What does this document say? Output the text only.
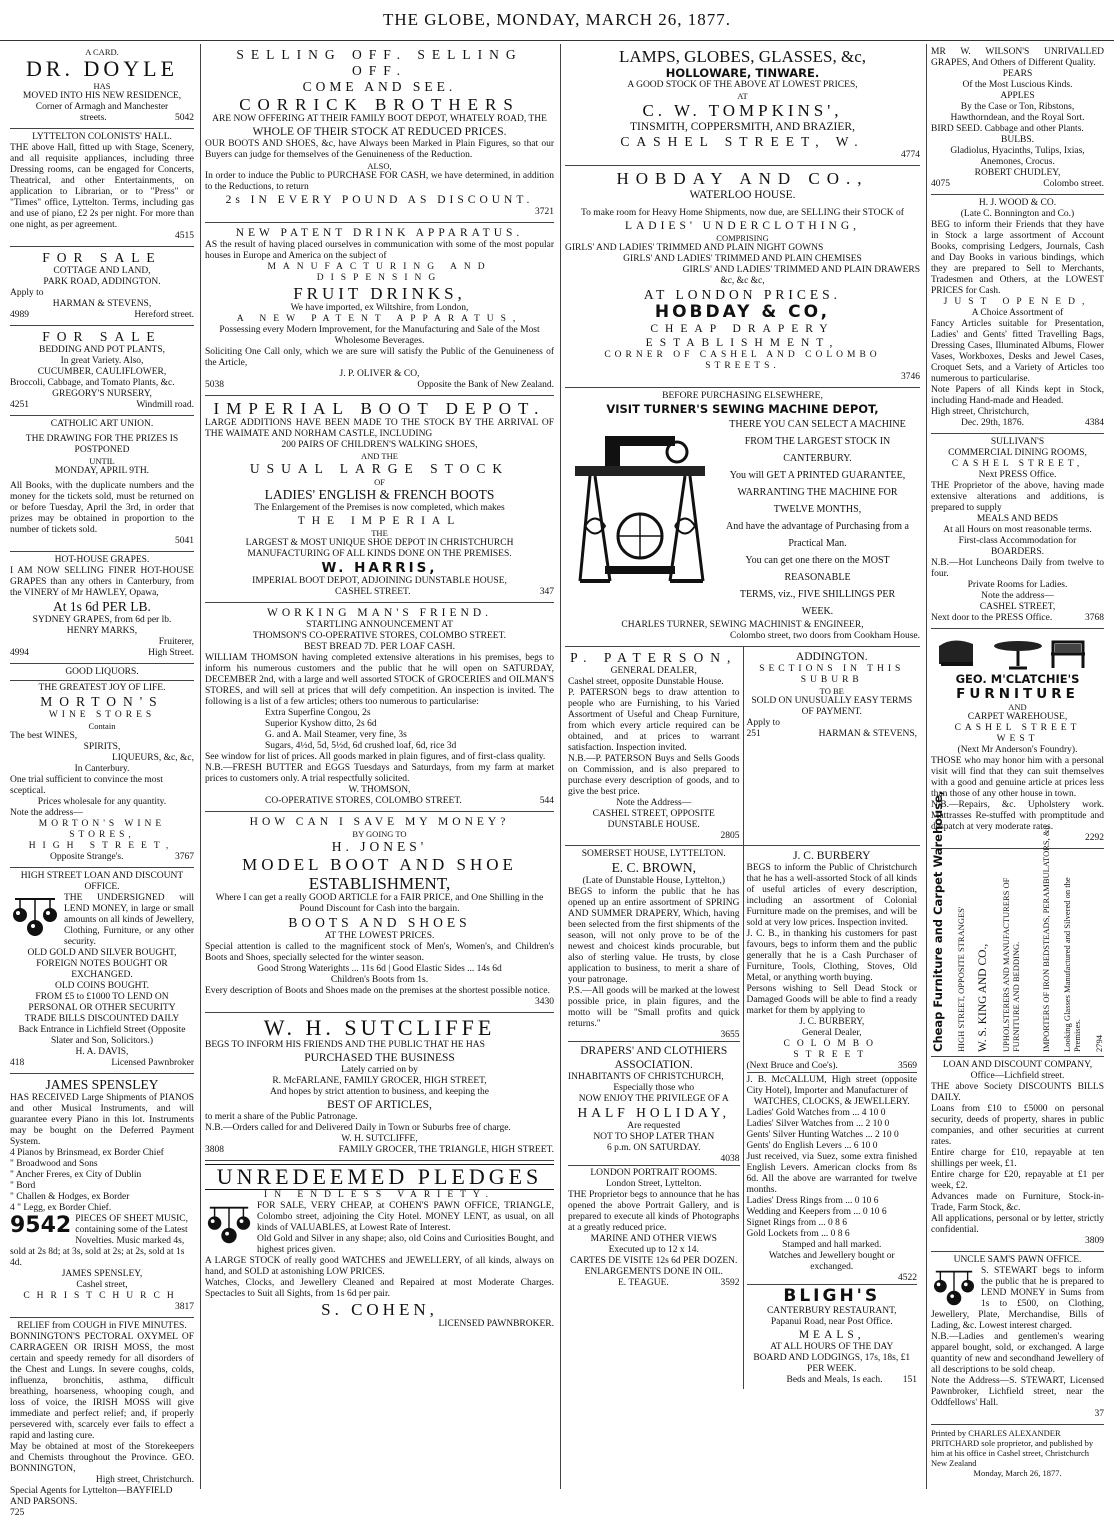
THE GLOBE, MONDAY, MARCH 26, 1877.
A CARD.
DR. DOYLE
HAS
MOVED INTO HIS NEW RESIDENCE,
Corner of Armagh and Manchester
streets.	5042
LYTTELTON COLONISTS' HALL.
THE above Hall, fitted up with Stage, Scenery, and all requisite appliances, including three Dressing rooms, can be engaged for Concerts, Theatrical, and other Entertainments, on application to Librarian, or to "Press" or "Times" office, Lyttelton. Terms, including gas and use of piano, £2 2s per night. For more than one night, as per agreement.
4515
FOR SALE
COTTAGE AND LAND,
PARK ROAD, ADDINGTON.
Apply to
HARMAN & STEVENS,
4989	Hereford street.
FOR SALE
BEDDING AND POT PLANTS,
In great Variety. Also,
CUCUMBER, CAULIFLOWER,
Broccoli, Cabbage, and Tomato Plants, &c.
GREGORY'S NURSERY,
4251	Windmill road.
CATHOLIC ART UNION.
THE DRAWING FOR THE PRIZES IS POSTPONED
UNTIL
MONDAY, APRIL 9TH.
All Books, with the duplicate numbers and the money for the tickets sold, must be returned on or before Tuesday, April the 3rd, in order that prizes may be obtained in proportion to the number of tickets sold.
5041
HOT-HOUSE GRAPES.
I AM NOW SELLING FINER HOT-HOUSE GRAPES than any others in Canterbury, from the VINERY of Mr HAWLEY, Opawa,
At 1s 6d PER LB.
SYDNEY GRAPES, from 6d per lb.
HENRY MARKS,
Fruiterer,
4994	High Street.
GOOD LIQUORS.
THE GREATEST JOY OF LIFE.
MORTON'S
WINE STORES
Contain
The best WINES,
SPIRITS,
LIQUEURS, &c, &c,
In Canterbury.
One trial sufficient to convince the most sceptical.
Prices wholesale for any quantity.
Note the address—
MORTON'S WINE STORES,
HIGH STREET,
Opposite Strange's.	3767
HIGH STREET LOAN AND DISCOUNT OFFICE.
THE UNDERSIGNED will LEND MONEY, in large or small amounts on all kinds of Jewellery, Clothing, Furniture, or any other security.
OLD GOLD AND SILVER BOUGHT, FOREIGN NOTES BOUGHT OR EXCHANGED.
OLD COINS BOUGHT.
FROM £5 to £1000 TO LEND ON PERSONAL OR OTHER SECURITY
TRADE BILLS DISCOUNTED DAILY
Back Entrance in Lichfield Street (Opposite Slater and Son, Solicitors.)
H. A. DAVIS,
418	Licensed Pawnbroker
JAMES SPENSLEY
HAS RECEIVED Large Shipments of PIANOS and other Musical Instruments, and will guarantee every Piano in this lot. Instruments may be bought on the Deferred Payment System.
4 Pianos by Brinsmead, ex Border Chief
" Broadwood and Sons
" Ancher Freres, ex City of Dublin
" Bord
" Challen & Hodges, ex Border
4 " Legg, ex Border Chief.
9542 PIECES OF SHEET MUSIC, containing some of the Latest Novelties. Music marked 4s, sold at 2s 8d; at 3s, sold at 2s; at 2s, sold at 1s 4d.
JAMES SPENSLEY,
Cashel street,
CHRISTCHURCH
3817
RELIEF from COUGH in FIVE MINUTES.
BONNINGTON'S PECTORAL OXYMEL OF CARRAGEEN OR IRISH MOSS, the most certain and speedy remedy for all disorders of the Chest and Lungs. In severe coughs, colds, influenza, bronchitis, asthma, difficult breathing, hoarseness, whooping cough, and loss of voice, the IRISH MOSS will give immediate and perfect relief; and, if properly persevered with, scarcely ever fails to effect a rapid and lasting cure.
May be obtained at most of the Storekeepers and Chemists throughout the Province. GEO. BONNINGTON,
High street, Christchurch.
Special Agents for Lyttelton—BAYFIELD AND PARSONS.
725
SELLING OFF. SELLING OFF.
COME AND SEE.
CORRICK BROTHERS
ARE NOW OFFERING AT THEIR FAMILY BOOT DEPOT, WHATELY ROAD, THE
WHOLE OF THEIR STOCK AT REDUCED PRICES.
OUR BOOTS AND SHOES, &c, have Always been Marked in Plain Figures, so that our Buyers can judge for themselves of the Genuineness of the Reduction.
ALSO,
In order to induce the Public to PURCHASE FOR CASH, we have determined, in addition to the Reductions, to return
2s IN EVERY POUND AS DISCOUNT.
3721
NEW PATENT DRINK APPARATUS.
AS the result of having placed ourselves in communication with some of the most popular houses in Europe and America on the subject of
MANUFACTURING AND DISPENSING
FRUIT DRINKS,
We have imported, ex Wiltshire, from London,
A NEW PATENT APPARATUS,
Possessing every Modern Improvement, for the Manufacturing and Sale of the Most Wholesome Beverages.
Soliciting One Call only, which we are sure will satisfy the Public of the Genuineness of the Article,
J. P. OLIVER & CO,
5038	Opposite the Bank of New Zealand.
IMPERIAL BOOT DEPOT.
LARGE ADDITIONS HAVE BEEN MADE TO THE STOCK BY THE ARRIVAL OF THE WAIMATE AND NORHAM CASTLE, INCLUDING
200 PAIRS OF CHILDREN'S WALKING SHOES,
AND THE
USUAL LARGE STOCK
OF
LADIES' ENGLISH & FRENCH BOOTS
The Enlargement of the Premises is now completed, which makes
THE IMPERIAL
THE
LARGEST & MOST UNIQUE SHOE DEPOT IN CHRISTCHURCH
MANUFACTURING OF ALL KINDS DONE ON THE PREMISES.
W. HARRIS,
IMPERIAL BOOT DEPOT, ADJOINING DUNSTABLE HOUSE,
CASHEL STREET.	347
WORKING MAN'S FRIEND.
STARTLING ANNOUNCEMENT AT
THOMSON'S CO-OPERATIVE STORES, COLOMBO STREET.
BEST BREAD 7D. PER LOAF CASH.
WILLIAM THOMSON having completed extensive alterations in his premises, begs to inform his numerous customers and the public that he will open on SATURDAY, DECEMBER 2nd, with a large and well assorted STOCK of GROCERIES and OILMAN'S STORES, and will sell at prices that will defy competition. An inspection is invited. The following is a list of a few articles; others too numerous to particularise:
Extra Superfine Congou, 2s
Superior Kyshow ditto, 2s 6d
G. and A. Mail Steamer, very fine, 3s
Sugars, 4½d, 5d, 5½d, 6d crushed loaf, 6d, rice 3d
See window for list of prices. All goods marked in plain figures, and of first-class quality.
N.B.—FRESH BUTTER and EGGS Tuesdays and Saturdays, from my farm at market prices to customers only. A trial respectfully solicited.
W. THOMSON,
CO-OPERATIVE STORES, COLOMBO STREET.	544
HOW CAN I SAVE MY MONEY?
BY GOING TO
H. JONES'
MODEL BOOT AND SHOE
ESTABLISHMENT,
Where I can get a really GOOD ARTICLE for a FAIR PRICE, and One Shilling in the Pound Discount for Cash into the bargain.
BOOTS AND SHOES
AT THE LOWEST PRICES.
Special attention is called to the magnificent stock of Men's, Women's, and Children's Boots and Shoes, specially selected for the winter season.
Good Strong Waterights ... 11s 6d | Good Elastic Sides ... 14s 6d
Children's Boots from 1s.
Every description of Boots and Shoes made on the premises at the shortest possible notice.
3430
W. H. SUTCLIFFE
BEGS TO INFORM HIS FRIENDS AND THE PUBLIC THAT HE HAS
PURCHASED THE BUSINESS
Lately carried on by
R. McFARLANE, FAMILY GROCER, HIGH STREET,
And hopes by strict attention to business, and keeping the
BEST OF ARTICLES,
to merit a share of the Public Patronage.
N.B.—Orders called for and Delivered Daily in Town or Suburbs free of charge.
W. H. SUTCLIFFE,
3808	FAMILY GROCER, THE TRIANGLE, HIGH STREET.
UNREDEEMED PLEDGES
IN ENDLESS VARIETY.
FOR SALE, VERY CHEAP, at COHEN'S PAWN OFFICE, TRIANGLE, Colombo street, adjoining the City Hotel. MONEY LENT, as usual, on all kinds of VALUABLES, at Lowest Rate of Interest.
Old Gold and Silver in any shape; also, old Coins and Curiosities Bought, and highest prices given.
A LARGE STOCK of really good WATCHES and JEWELLERY, of all kinds, always on hand, and SOLD at astonishing LOW PRICES.
Watches, Clocks, and Jewellery Cleaned and Repaired at most Moderate Charges. Spectacles to Suit all Sights, from 1s 6d per pair.
S. COHEN,
LICENSED PAWNBROKER.
LAMPS, GLOBES, GLASSES, &c,
HOLLOWARE, TINWARE.
A GOOD STOCK OF THE ABOVE AT LOWEST PRICES,
AT
C. W. TOMPKINS',
TINSMITH, COPPERSMITH, AND BRAZIER,
CASHEL STREET, W.
4774
HOBDAY AND CO.,
WATERLOO HOUSE.
To make room for Heavy Home Shipments, now due, are SELLING their STOCK of
LADIES' UNDERCLOTHING,
COMPRISING
GIRLS' AND LADIES' TRIMMED AND PLAIN NIGHT GOWNS
GIRLS' AND LADIES' TRIMMED AND PLAIN CHEMISES
GIRLS' AND LADIES' TRIMMED AND PLAIN DRAWERS
&c, &c &c,
AT LONDON PRICES.
HOBDAY & CO,
CHEAP DRAPERY ESTABLISHMENT,
CORNER OF CASHEL AND COLOMBO STREETS.
3746
BEFORE PURCHASING ELSEWHERE,
VISIT TURNER'S SEWING MACHINE DEPOT,
THERE YOU CAN SELECT A MACHINE
FROM THE LARGEST STOCK IN
CANTERBURY.
You will GET A PRINTED GUARANTEE,
WARRANTING THE MACHINE FOR
TWELVE MONTHS,
And have the advantage of Purchasing from a
Practical Man.
You can get one there on the MOST REASONABLE
TERMS, viz., FIVE SHILLINGS PER
WEEK.
CHARLES TURNER, SEWING MACHINIST & ENGINEER,
Colombo street, two doors from Cookham House.
P. PATERSON,
GENERAL DEALER,
Cashel street, opposite Dunstable House.
P. PATERSON begs to draw attention to people who are Furnishing, to his Varied Assortment of Useful and Cheap Furniture, from which every article required can be obtained, and at prices to warrant satisfaction. Inspection invited.
N.B.—P. PATERSON Buys and Sells Goods on Commission, and is also prepared to purchase every description of goods, and to give the best price.
Note the Address—
CASHEL STREET, OPPOSITE DUNSTABLE HOUSE.
2805
ADDINGTON.
SECTIONS IN THIS SUBURB
TO BE
SOLD ON UNUSUALLY EASY TERMS OF PAYMENT.
Apply to
251	HARMAN & STEVENS,
SOMERSET HOUSE, LYTTELTON.
E. C. BROWN,
(Late of Dunstable House, Lyttelton,)
BEGS to inform the public that he has opened up an entire assortment of SPRING AND SUMMER DRAPERY, Which, having been selected from the first shipments of the season, will not only prove to be of the newest and choicest kinds procurable, but also of sterling value. He trusts, by close application to business, to merit a share of your patronage.
P.S.—All goods will be marked at the lowest possible price, in plain figures, and the motto will be "Small profits and quick returns."
3655
DRAPERS' AND CLOTHIERS ASSOCIATION.
INHABITANTS OF CHRISTCHURCH,
Especially those who
NOW ENJOY THE PRIVILEGE OF A
HALF HOLIDAY,
Are requested
NOT TO SHOP LATER THAN
6 p.m. ON SATURDAY.
4038
LONDON PORTRAIT ROOMS.
London Street, Lyttelton.
THE Proprietor begs to announce that he has opened the above Portrait Gallery, and is prepared to execute all kinds of Photographs at a greatly reduced price.
MARINE AND OTHER VIEWS
Executed up to 12 x 14.
CARTES DE VISITE 12s 6d PER DOZEN.
ENLARGEMENTS DONE IN OIL.
E. TEAGUE.	3592
J. C. BURBERY
BEGS to inform the Public of Christchurch that he has a well-assorted Stock of all kinds of useful articles of every description, including an assortment of Colonial Furniture made on the premises, and will be sold at very low prices. Inspection invited.
J. C. B., in thanking his customers for past favours, begs to inform them and the public generally that he is a Cash Purchaser of Furniture, Tools, Clothing, Stoves, Old Metal, or anything worth buying.
Persons wishing to Sell Dead Stock or Damaged Goods will be able to find a ready market for them by applying to
J. C. BURBERY,
General Dealer,
COLOMBO STREET
(Next Bruce and Coe's).	3569
J. B. McCALLUM, High street (opposite City Hotel), Importer and Manufacturer of
WATCHES, CLOCKS, & JEWELLERY.
Ladies' Gold Watches from ... 4 10 0
Ladies' Silver Watches from ... 2 10 0
Gents' Silver Hunting Watches ... 2 10 0
Gents' do English Levers ... 6 10 0
Just received, via Suez, some extra finished English Levers. American clocks from 8s 6d. All the above are warranted for twelve months.
Ladies' Dress Rings from ... 0 10 6
Wedding and Keepers from ... 0 10 6
Signet Rings from ... 0 8 6
Gold Lockets from ... 0 8 6
Stamped and hall marked.
Watches and Jewellery bought or exchanged.
4522
BLIGH'S
CANTERBURY RESTAURANT,
Papanui Road, near Post Office.
MEALS,
AT ALL HOURS OF THE DAY
BOARD AND LODGINGS, 17s, 18s, £1 PER WEEK.
Beds and Meals, 1s each. 151
MR W. WILSON'S UNRIVALLED GRAPES, And Others of Different Quality.
PEARS
Of the Most Luscious Kinds.
APPLES
By the Case or Ton, Ribstons, Hawthorndean, and the Royal Sort.
BIRD SEED. Cabbage and other Plants.
BULBS.
Gladiolus, Hyacinths, Tulips, Ixias, Anemones, Crocus.
ROBERT CHUDLEY,
4075	Colombo street.
H. J. WOOD & CO.
(Late C. Bonnington and Co.)
BEG to inform their Friends that they have in Stock a large assortment of Account Books, comprising Ledgers, Journals, Cash and Day Books in various bindings, which they are prepared to Sell to Merchants, Tradesmen and Others, at the LOWEST PRICES for Cash.
JUST OPENED,
A Choice Assortment of
Fancy Articles suitable for Presentation, Ladies' and Gents' fitted Travelling Bags, Dressing Cases, Illuminated Albums, Flower Vases, Workboxes, Desks and Jewel Cases, Croquet Sets, and a Variety of Articles too numerous to particularise.
Note Papers of all Kinds kept in Stock, including Hand-made and Headed.
High street, Christchurch,
Dec. 29th, 1876.	4384
SULLIVAN'S
COMMERCIAL DINING ROOMS,
CASHEL STREET,
Next PRESS Office.
THE Proprietor of the above, having made extensive alterations and additions, is prepared to supply
MEALS AND BEDS
At all Hours on most reasonable terms.
First-class Accommodation for
BOARDERS.
N.B.—Hot Luncheons Daily from twelve to four.
Private Rooms for Ladies.
Note the address—
CASHEL STREET,
Next door to the PRESS Office.	3768
GEO. M'CLATCHIE'S
FURNITURE
AND
CARPET WAREHOUSE,
CASHEL STREET WEST
(Next Mr Anderson's Foundry).
THOSE who may honor him with a personal visit will find that they can suit themselves with a good and genuine article at prices less than those of any other house in town.
N.B.—Repairs, &c. Upholstery work. Mattrasses Re-stuffed with promptitude and despatch at very moderate rates.
2292
Cheap Furniture and Carpet Warehouse, HIGH STREET, OPPOSITE STRANGES' W. S. KING AND CO., UPHOLSTERERS AND MANUFACTURERS OF FURNITURE AND BEDDING.	IMPORTERS OF IRON BEDSTEADS, PERAMBULATORS, &c Looking Glasses Manufactured and Silvered on the Premises. 2794
LOAN AND DISCOUNT COMPANY,
Office—Lichfield street.
THE above Society DISCOUNTS BILLS DAILY.
Loans from £10 to £5000 on personal security, deeds of property, shares in public companies, and other securities at current rates.
Entire charge for £10, repayable at ten shillings per week, £1.
Entire charge for £20, repayable at £1 per week, £2.
Advances made on Furniture, Stock-in-Trade, Farm Stock, &c.
All applications, personal or by letter, strictly confidential.
3809
UNCLE SAM'S PAWN OFFICE.
S. STEWART begs to inform the public that he is prepared to LEND MONEY in Sums from 1s to £500, on Clothing, Jewellery, Plate, Merchandise, Bills of Lading, &c. Lowest interest charged.
N.B.—Ladies and gentlemen's wearing apparel bought, sold, or exchanged. A large quantity of new and secondhand Jewellery of all descriptions to be sold cheap.
Note the Address—S. STEWART, Licensed Pawnbroker, Lichfield street, near the Oddfellows' Hall.
37
Printed by CHARLES ALEXANDER PRITCHARD sole proprietor, and published by him at his office in Cashel street, Christchurch New Zealand
Monday, March 26, 1877.
